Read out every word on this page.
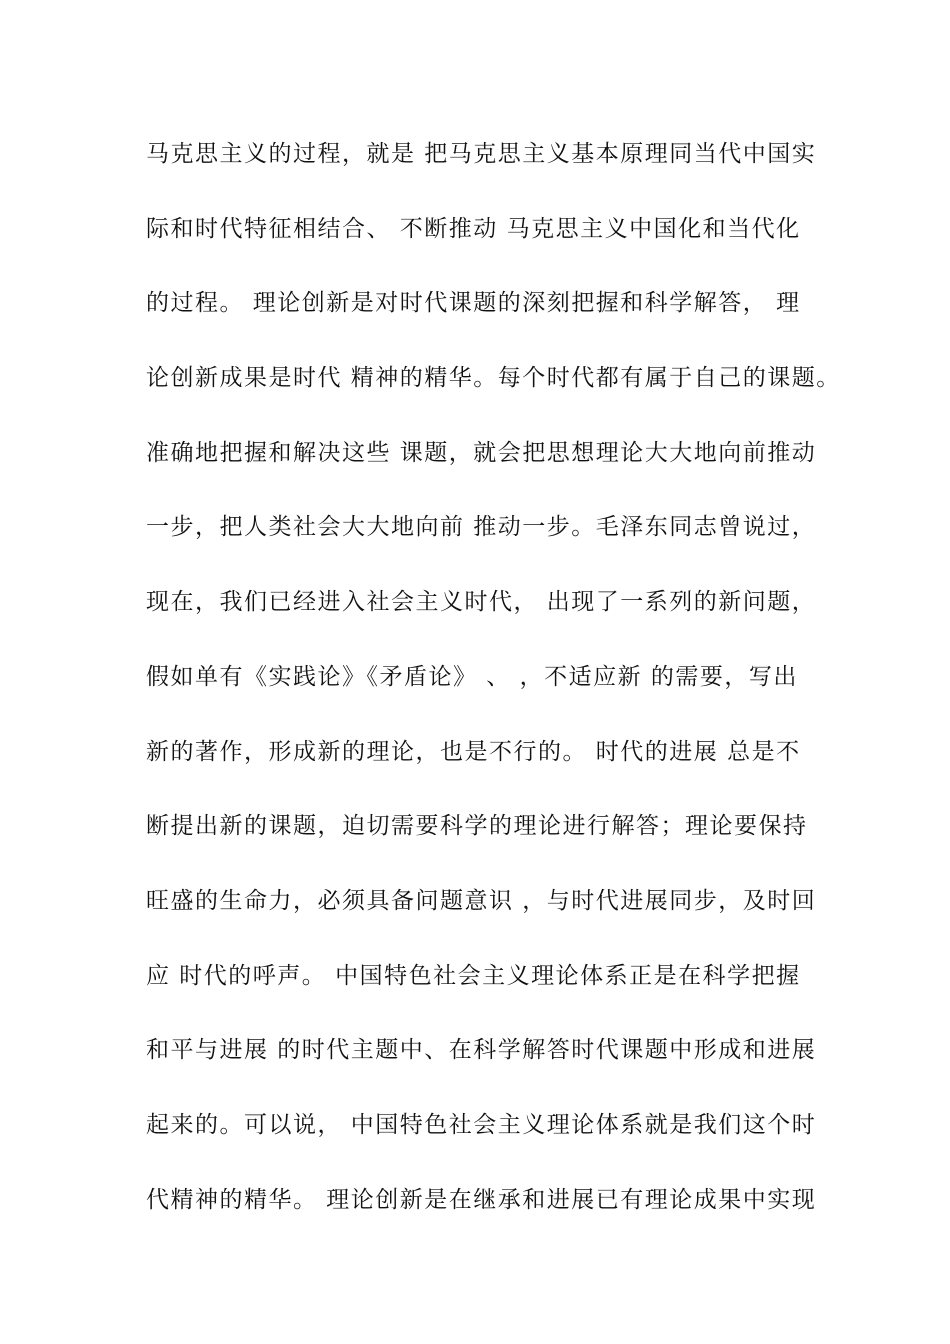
马克思主义的过程，就是 把马克思主义基本原理同当代中国实
际和时代特征相结合、 不断推动 马克思主义中国化和当代化
的过程。 理论创新是对时代课题的深刻把握和科学解答， 理
论创新成果是时代 精神的精华。每个时代都有属于自己的课题。
准确地把握和解决这些 课题，就会把思想理论大大地向前推动
一步，把人类社会大大地向前 推动一步。毛泽东同志曾说过，
现在，我们已经进入社会主义时代， 出现了一系列的新问题，
假如单有《实践论》《矛盾论》 、 ，不适应新 的需要，写出
新的著作，形成新的理论，也是不行的。 时代的进展 总是不
断提出新的课题，迫切需要科学的理论进行解答；理论要保持
旺盛的生命力，必须具备问题意识 ，与时代进展同步，及时回
应 时代的呼声。 中国特色社会主义理论体系正是在科学把握
和平与进展 的时代主题中、在科学解答时代课题中形成和进展
起来的。可以说， 中国特色社会主义理论体系就是我们这个时
代精神的精华。 理论创新是在继承和进展已有理论成果中实现
